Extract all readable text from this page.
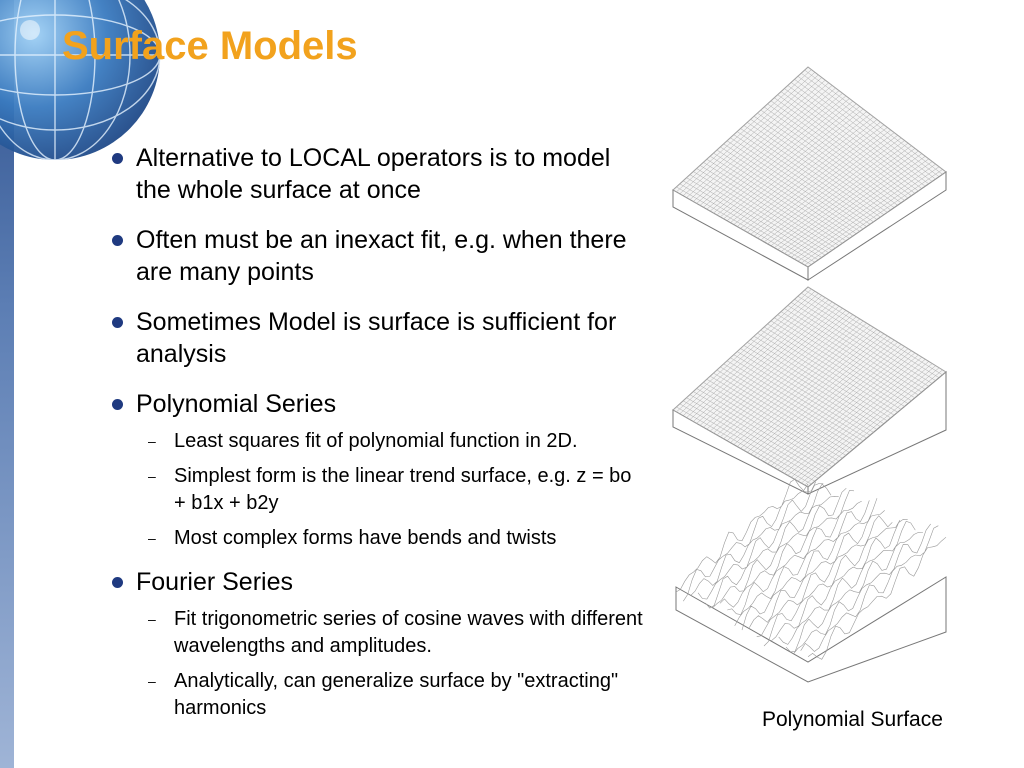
Surface Models
Alternative to LOCAL operators is to model the whole surface at once
Often must be an inexact fit, e.g. when there are many points
Sometimes Model is surface is sufficient for analysis
Polynomial Series
– Least squares fit of polynomial function in 2D.
– Simplest form is the linear trend surface, e.g. z = bo + b1x + b2y
– Most complex forms have bends and twists
Fourier Series
– Fit trigonometric series of cosine waves with different wavelengths and amplitudes.
– Analytically, can generalize surface by "extracting" harmonics	Polynomial Surface
